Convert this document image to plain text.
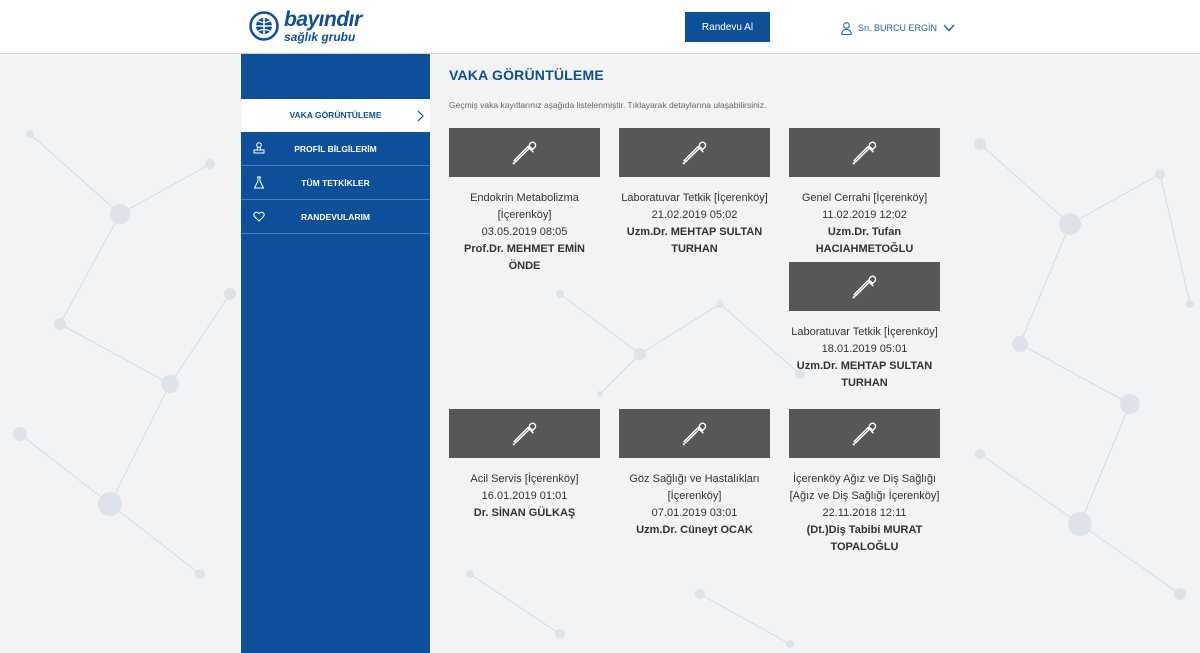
bayındır
sağlık grubu
Randevu Al	Sn. BURCU ERGİN
VAKA GÖRÜNTÜLEME
PROFİL BİLGİLERİM
TÜM TETKİKLER
RANDEVULARIM
VAKA GÖRÜNTÜLEME

Geçmiş vaka kayıtlarınız aşağıda listelenmiştir. Tıklayarak detaylarına ulaşabilirsiniz.

Endokrin Metabolizma [İçerenköy]
03.05.2019 08:05
Prof.Dr. MEHMET EMİN ÖNDE
Laboratuvar Tetkik [İçerenköy]
21.02.2019 05:02
Uzm.Dr. MEHTAP SULTAN TURHAN
Genel Cerrahi [İçerenköy]
11.02.2019 12:02
Uzm.Dr. Tufan HACIAHMETOĞLU
Laboratuvar Tetkik [İçerenköy]
18.01.2019 05:01
Uzm.Dr. MEHTAP SULTAN TURHAN
Acil Servis [İçerenköy]
16.01.2019 01:01
Dr. SİNAN GÜLKAŞ
Göz Sağlığı ve Hastalıkları [İçerenköy]
07.01.2019 03:01
Uzm.Dr. Cüneyt OCAK
İçerenköy Ağız ve Diş Sağlığı [Ağız ve Diş Sağlığı İçerenköy]
22.11.2018 12:11
(Dt.)Diş Tabibi MURAT TOPALOĞLU
